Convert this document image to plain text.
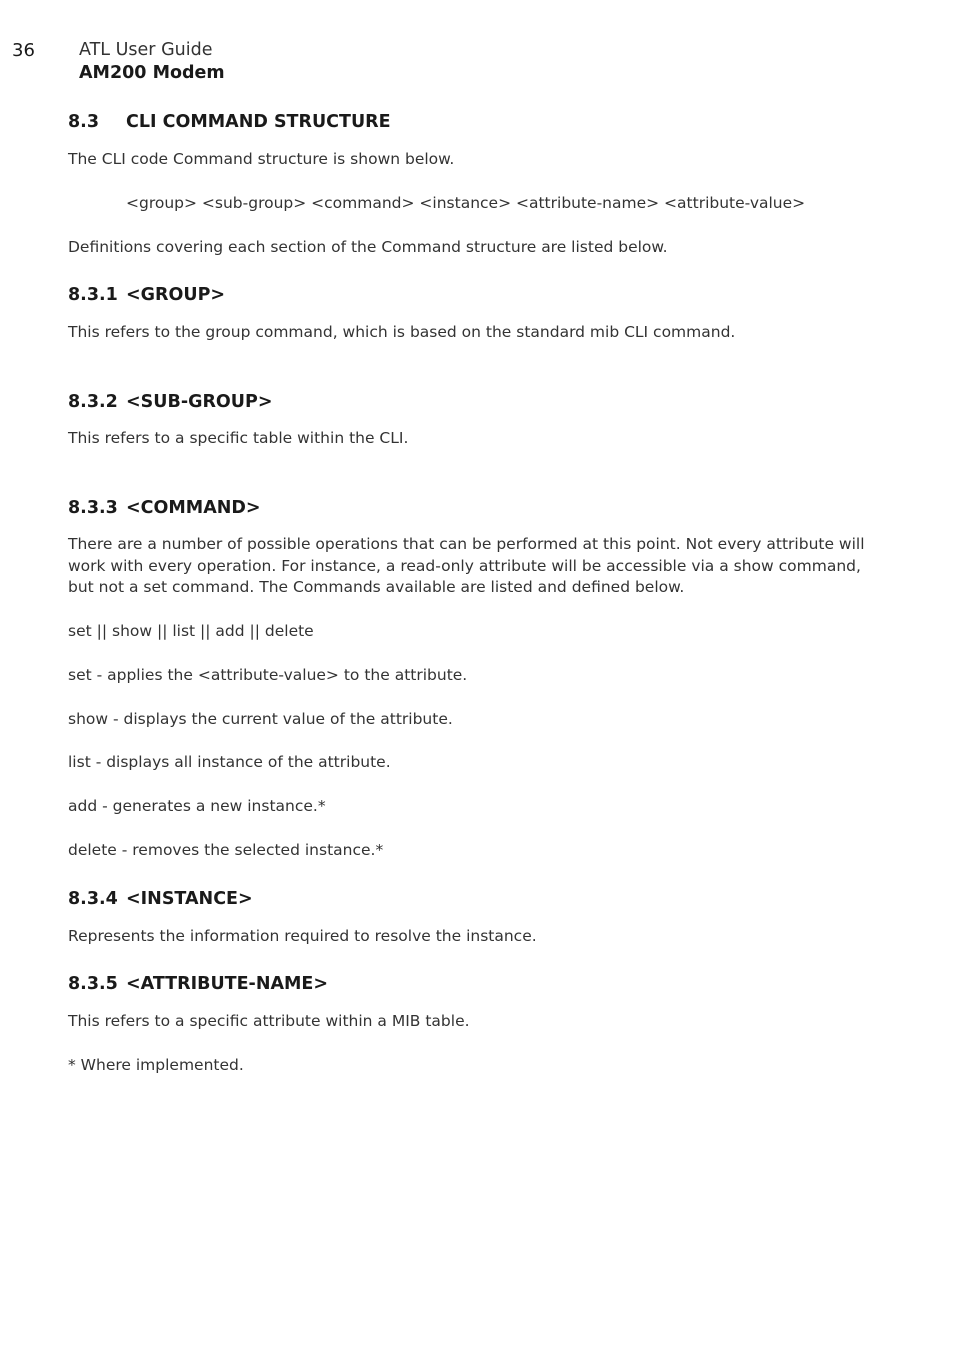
36	ATL User Guide
AM200 Modem
8.3 CLI COMMAND STRUCTURE
The CLI code Command structure is shown below.
<group> <sub-group> <command> <instance> <attribute-name> <attribute-value>
Definitions covering each section of the Command structure are listed below.
8.3.1 <GROUP>
This refers to the group command, which is based on the standard mib CLI command.
8.3.2 <SUB-GROUP>
This refers to a specific table within the CLI.
8.3.3 <COMMAND>
There are a number of possible operations that can be performed at this point. Not every attribute will work with every operation. For instance, a read-only attribute will be accessible via a show command, but not a set command. The Commands available are listed and defined below.
set || show || list || add || delete
set - applies the <attribute-value> to the attribute.
show - displays the current value of the attribute.
list - displays all instance of the attribute.
add - generates a new instance.*
delete - removes the selected instance.*
8.3.4 <INSTANCE>
Represents the information required to resolve the instance.
8.3.5 <ATTRIBUTE-NAME>
This refers to a specific attribute within a MIB table.
* Where implemented.
